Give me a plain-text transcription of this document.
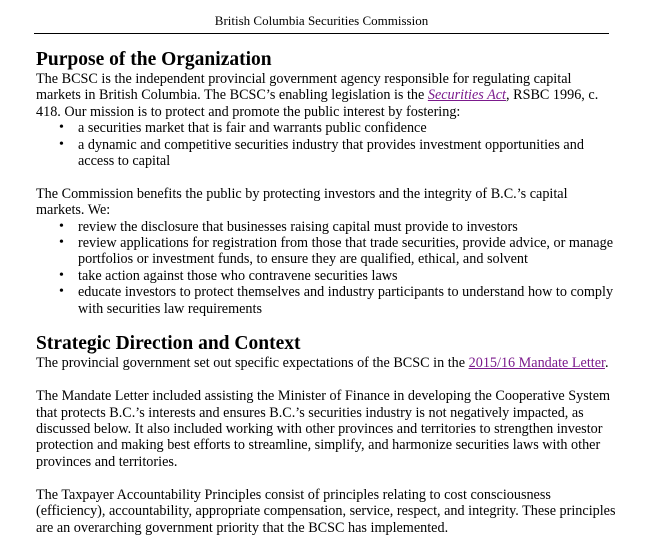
British Columbia Securities Commission
Purpose of the Organization
The BCSC is the independent provincial government agency responsible for regulating capital
markets in British Columbia. The BCSC’s enabling legislation is the Securities Act, RSBC 1996, c.
418. Our mission is to protect and promote the public interest by fostering:
• a securities market that is fair and warrants public confidence
• a dynamic and competitive securities industry that provides investment opportunities and
access to capital
The Commission benefits the public by protecting investors and the integrity of B.C.’s capital
markets. We:
• review the disclosure that businesses raising capital must provide to investors
• review applications for registration from those that trade securities, provide advice, or manage
portfolios or investment funds, to ensure they are qualified, ethical, and solvent
• take action against those who contravene securities laws
• educate investors to protect themselves and industry participants to understand how to comply
with securities law requirements
Strategic Direction and Context
The provincial government set out specific expectations of the BCSC in the 2015/16 Mandate Letter.
The Mandate Letter included assisting the Minister of Finance in developing the Cooperative System
that protects B.C.’s interests and ensures B.C.’s securities industry is not negatively impacted, as
discussed below. It also included working with other provinces and territories to strengthen investor
protection and making best efforts to streamline, simplify, and harmonize securities laws with other
provinces and territories.
The Taxpayer Accountability Principles consist of principles relating to cost consciousness
(efficiency), accountability, appropriate compensation, service, respect, and integrity. These principles
are an overarching government priority that the BCSC has implemented.
